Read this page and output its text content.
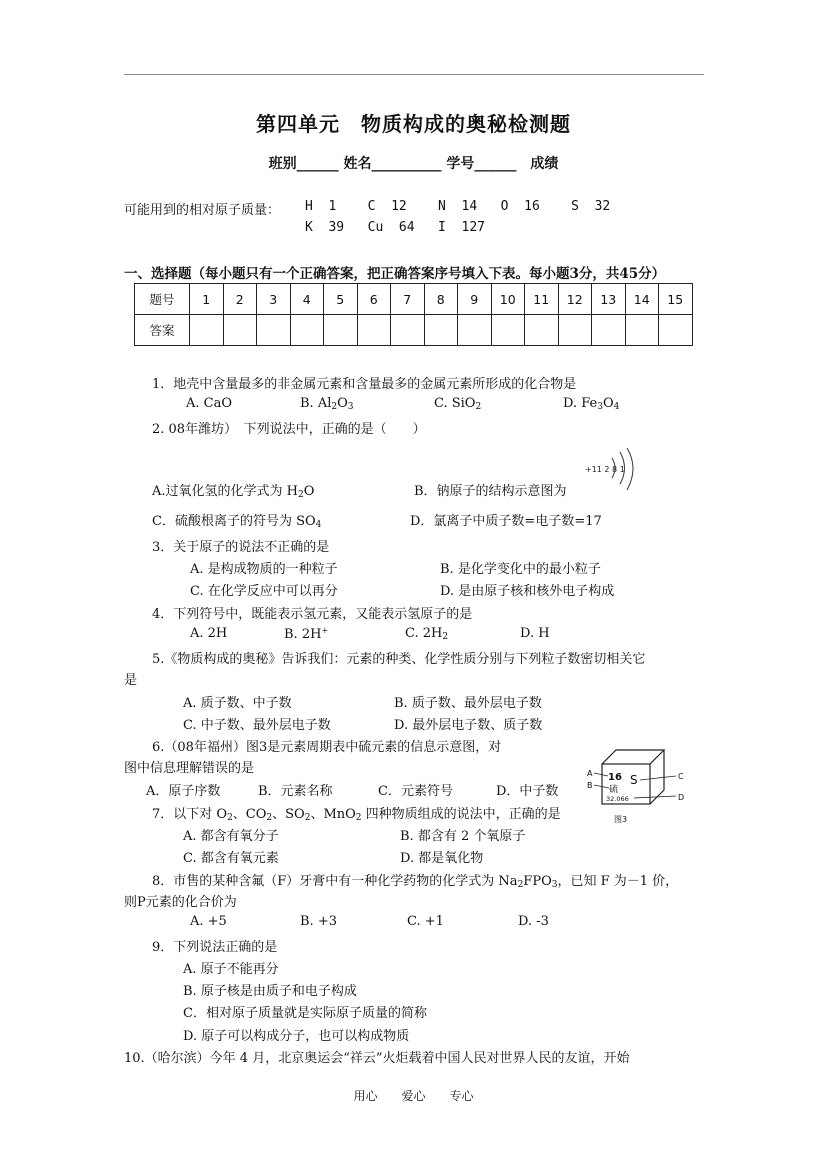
第四单元　物质构成的奥秘检测题
班别______ 姓名__________ 学号______　成绩
可能用到的相对原子质量： H  1    C  12    N  14   O  16    S  32
K  39   Cu  64   I  127
一、选择题（每小题只有一个正确答案，把正确答案序号填入下表。每小题3分，共45分）
题号	1	2	3	4	5	6	7	8	9	10	11	12	13	14	15
答案															
1．地壳中含量最多的非金属元素和含量最多的金属元素所形成的化合物是
A. CaO	B. $Al_2O_3$	C. SiO$_2$	D. $Fe_3O_4$
2. 08年潍坊）　下列说法中，正确的是（　　）
A.过氧化氢的化学式为 $H_2O$	B．钠原子的结构示意图为
+11 2 8 1
C．硫酸根离子的符号为 $SO_4$	D．氯离子中质子数=电子数=17
3．关于原子的说法不正确的是
A. 是构成物质的一种粒子	B. 是化学变化中的最小粒子
C. 在化学反应中可以再分	D. 是由原子核和核外电子构成
4．下列符号中，既能表示氢元素，又能表示氢原子的是
A. 2H	B. 2H+	C. $2H_2$	D. H
5.《物质构成的奥秘》告诉我们：元素的种类、化学性质分别与下列粒子数密切相关它
是
A. 质子数、中子数	B. 质子数、最外层电子数
C. 中子数、最外层电子数	D. 最外层电子数、质子数
6.（08年福州）图3是元素周期表中硫元素的信息示意图，对
图中信息理解错误的是
A．原子序数	B．元素名称	C．元素符号	D．中子数
16 S
硫
32.066
A
B
C
D
图3
7．以下对 $O_2$、$CO_2$、$SO_2$、MnO$_2$ 四种物质组成的说法中，正确的是
A. 都含有氧分子	B. 都含有 2 个氧原子
C. 都含有氧元素	D. 都是氧化物
8．市售的某种含氟（F）牙膏中有一种化学药物的化学式为 $Na_2FPO_3$，已知 F 为－1 价，
则P元素的化合价为
A. +5	B. +3	C. +1	D. -3
9．下列说法正确的是
A. 原子不能再分
B. 原子核是由质子和电子构成
C．相对原子质量就是实际原子质量的简称
D. 原子可以构成分子，也可以构成物质
10.（哈尔滨）今年 4 月，北京奥运会“祥云”火炬载着中国人民对世界人民的友谊，开始
用心　　爱心　　专心
